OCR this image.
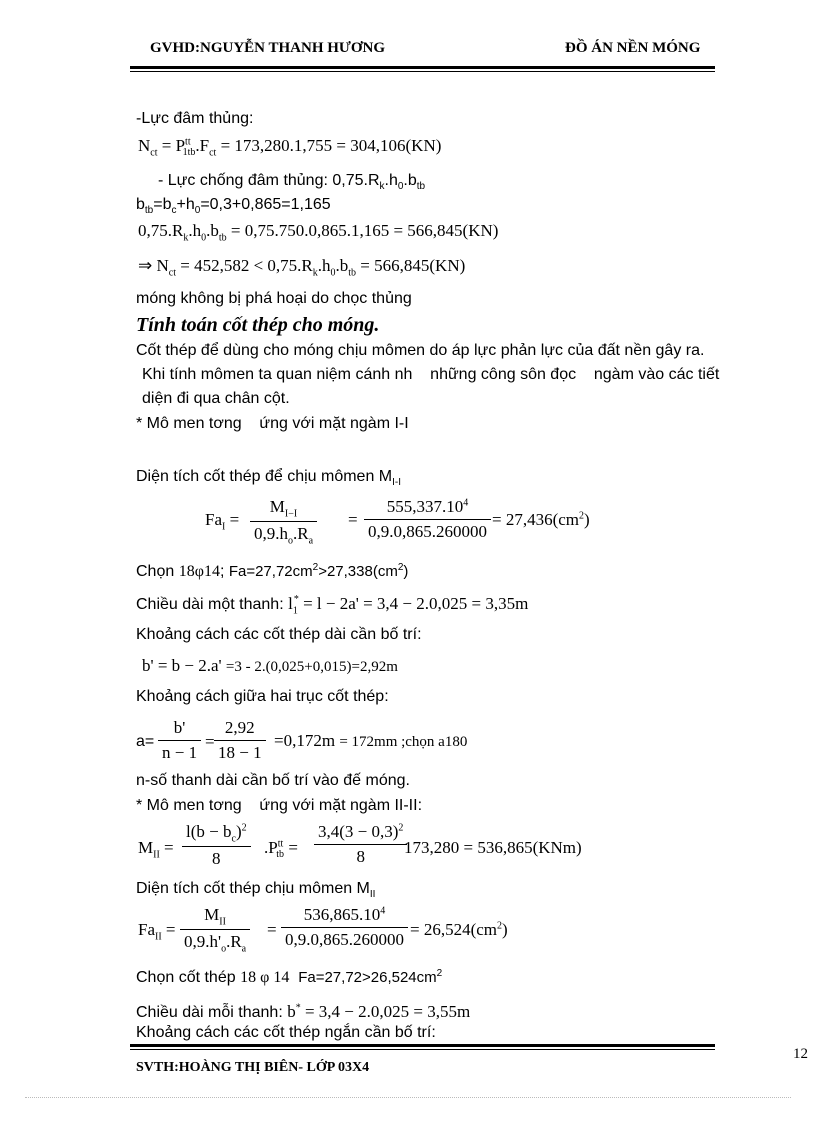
GVHD:NGUYỄN THANH HƯƠNG	ĐỒ ÁN NỀN MÓNG
-Lực đâm thủng:
$N_{ct} = P^{tt}_{1tb}.F_{ct} = 173,280.1,755 = 304,106(KN)$
- Lực chống đâm thủng: $0,75.R_k.h_0.b_{tb}$
$b_{tb}=b_c+h_0=0,3+0,865=1,165$
$0,75.R_k.h_0.b_{tb} = 0,75.750.0,865.1,165 = 566,845(KN)$
⇒ $N_{ct} = 452,582 < 0,75.R_k.h_0.b_{tb} = 566,845(KN)$
móng không bị phá hoại do chọc thủng
Tính toán cốt thép cho móng.
Cốt thép để dùng cho móng chịu mômen do áp lực phản lực của đất nền gây ra.
Khi tính mômen ta quan niệm cánh nh    những công sôn đọc    ngàm vào các tiết
diện đi qua chân cột.
* Mô men tơng    ứng với mặt ngàm I-I
Diện tích cốt thép để chịu mômen $M_{I-I}$
$Fa_I = \frac{M_{I-I}}{0,9.h_o.R_a} = \frac{555,337.10^4}{0,9.0,865.260000} = 27,436(cm^2)$
Chọn 18φ14; $Fa=27,72cm^2>27,338(cm^2)$
Chiều dài một thanh: $l_1^* = l - 2a' = 3,4 - 2.0,025 = 3,35m$
Khoảng cách các cốt thép dài cần bố trí:
b' = b − 2.a' =3 - 2.(0,025+0,015)=2,92m
Khoảng cách giữa hai trục cốt thép:
$a= \frac{b'}{n - 1} = \frac{2,92}{18 - 1} =0,172m = 172mm$ ;chọn a180
n-số thanh dài cần bố trí vào đế móng.
* Mô men tơng    ứng với mặt ngàm II-II:
$M_{II} = \frac{l(b - b_c)^2}{8} .P^{tt}_{tb} = \frac{3,4(3 - 0,3)^2}{8}$
173,280 = 536,865(KNm)
Diện tích cốt thép chịu mômen $M_{II}$
$Fa_{II}$ =
$M_{II}$
$0,9.h'_o.R_a$
= $\frac{536,865.10^4}{0,9.0,865.260000} = 26,524(cm^2)$
Chọn cốt thép 18 φ 14 $Fa=27,72>26,524cm^2$
Chiều dài mỗi thanh: b* = 3,4 − 2.0,025 = 3,55m
Khoảng cách các cốt thép ngắn cần bố trí:
SVTH:HOÀNG THỊ BIÊN- LỚP 03X4
12
